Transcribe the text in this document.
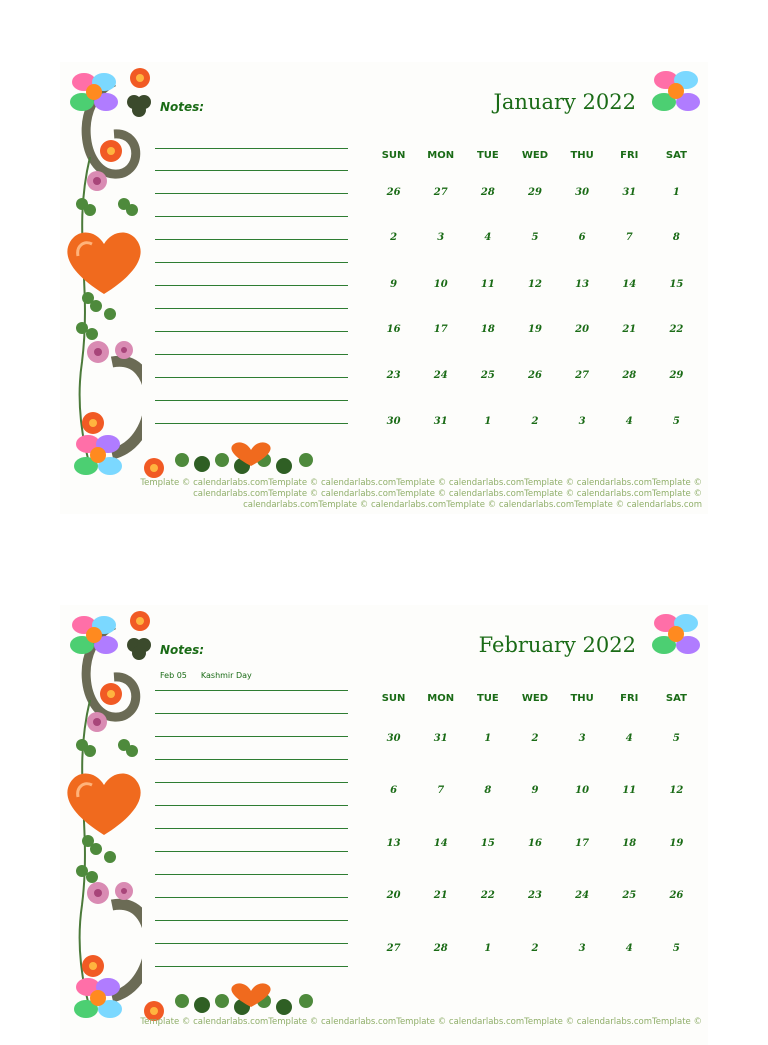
Notes:	January 2022
SUN	MON	TUE	WED	THU	FRI	SAT
26	27	28	29	30	31	1
2	3	4	5	6	7	8
9	10	11	12	13	14	15
16	17	18	19	20	21	22
23	24	25	26	27	28	29
30	31	1	2	3	4	5
Template © calendarlabs.comTemplate © calendarlabs.comTemplate © calendarlabs.comTemplate © calendarlabs.comTemplate ©
calendarlabs.comTemplate © calendarlabs.comTemplate © calendarlabs.comTemplate © calendarlabs.comTemplate ©
calendarlabs.comTemplate © calendarlabs.comTemplate © calendarlabs.comTemplate © calendarlabs.com
Notes:
Feb 05 Kashmir Day
February 2022
SUN	MON	TUE	WED	THU	FRI	SAT
30	31	1	2	3	4	5
6	7	8	9	10	11	12
13	14	15	16	17	18	19
20	21	22	23	24	25	26
27	28	1	2	3	4	5
Template © calendarlabs.comTemplate © calendarlabs.comTemplate © calendarlabs.comTemplate © calendarlabs.comTemplate ©
